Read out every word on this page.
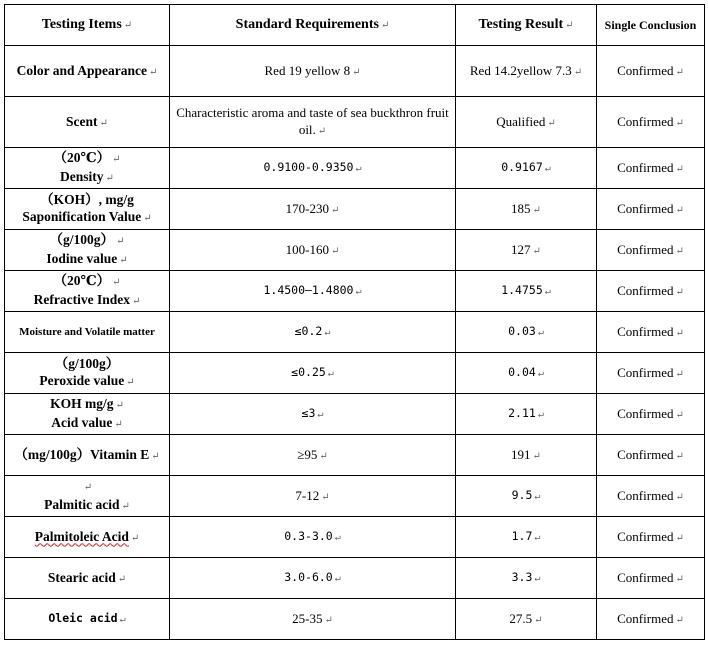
Testing Items ↵	Standard Requirements ↵	Testing Result ↵	Single Conclusion
Color and Appearance ↵	Red 19 yellow 8 ↵	Red 14.2yellow 7.3 ↵	Confirmed ↵
Scent ↵	Characteristic aroma and taste of sea buckthron fruit oil. ↵	Qualified ↵	Confirmed ↵

（20℃） ↵
Density ↵	0.9100-0.9350 ↵	0.9167 ↵	Confirmed ↵

（KOH）, mg/g
Saponification Value ↵	170-230 ↵	185 ↵	Confirmed ↵

（g/100g） ↵
Iodine value ↵	100-160 ↵	127 ↵	Confirmed ↵

（20℃） ↵
Refractive Index ↵	1.4500—1.4800 ↵	1.4755 ↵	Confirmed ↵
Moisture and Volatile matter	≤0.2 ↵	0.03 ↵	Confirmed ↵

（g/100g）
Peroxide value ↵	≤0.25 ↵	0.04 ↵	Confirmed ↵

KOH mg/g ↵
Acid value ↵	≤3 ↵	2.11 ↵	Confirmed ↵
（mg/100g）Vitamin E ↵	≥95 ↵	191 ↵	Confirmed ↵

↵
Palmitic acid ↵	7-12 ↵	9.5 ↵	Confirmed ↵
Palmitoleic Acid ↵	0.3-3.0 ↵	1.7 ↵	Confirmed ↵
Stearic acid ↵	3.0-6.0 ↵	3.3 ↵	Confirmed ↵
Oleic acid ↵	25-35 ↵	27.5 ↵	Confirmed ↵
